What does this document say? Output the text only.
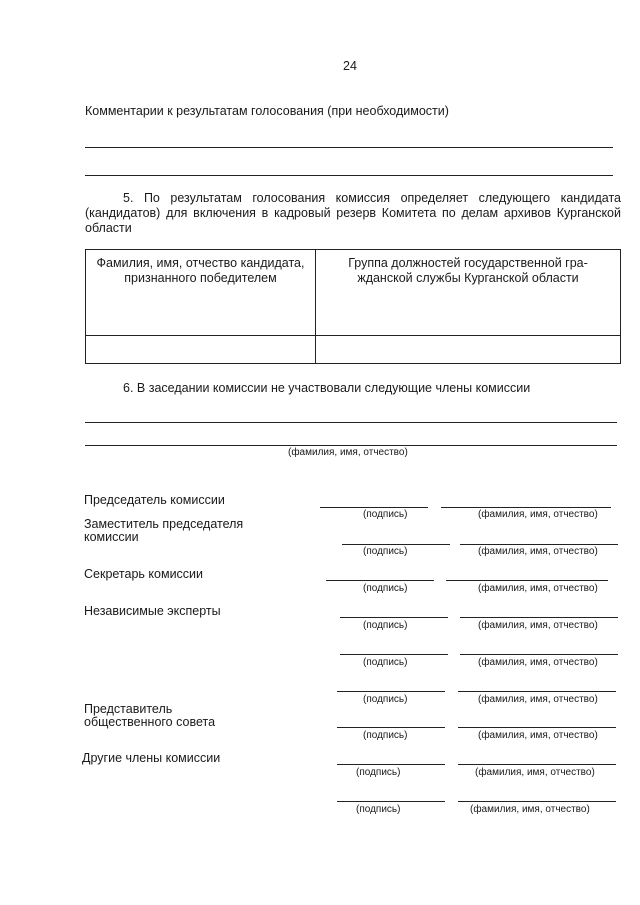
24
Комментарии к результатам голосования (при необходимости)
5. По результатам голосования комиссия определяет следующего кандидата (кандидатов) для включения в кадровый резерв Комитета по делам архивов Курганской области
Фамилия, имя, отчество кандидата, признанного победителем	Группа должностей государственной гра-жданской службы Курганской области

6. В заседании комиссии не участвовали следующие члены комиссии
(фамилия, имя, отчество)
Председатель комиссии
(подпись)	(фамилия, имя, отчество)
Заместитель председателя комиссии
(подпись)	(фамилия, имя, отчество)
Секретарь комиссии
(подпись)	(фамилия, имя, отчество)
Независимые эксперты
(подпись)	(фамилия, имя, отчество)
(подпись)	(фамилия, имя, отчество)
(подпись)	(фамилия, имя, отчество)
Представитель общественного совета
(подпись)	(фамилия, имя, отчество)
Другие члены комиссии
(подпись)	(фамилия, имя, отчество)
(подпись)	(фамилия, имя, отчество)
